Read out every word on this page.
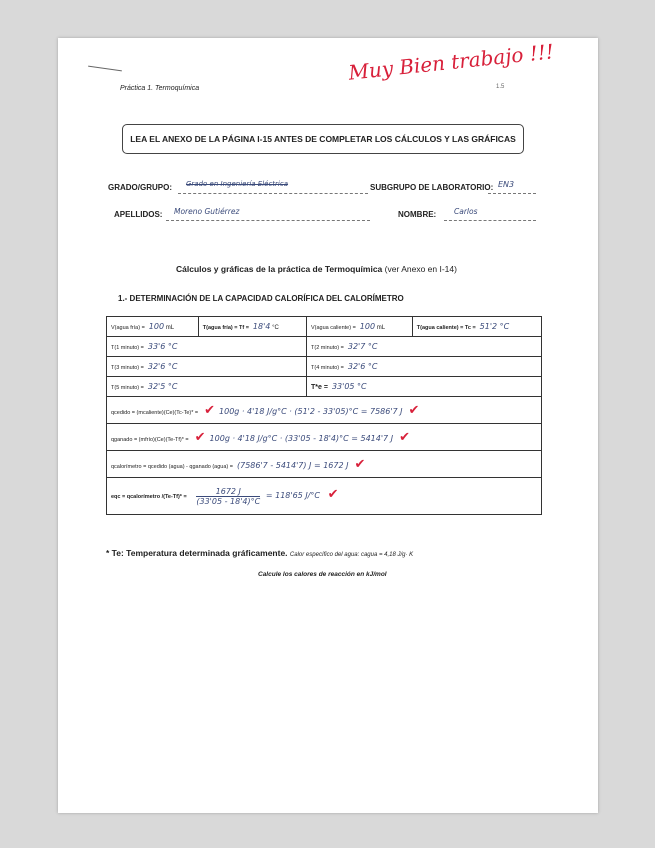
Práctica 1. Termoquímica
Muy Bien trabajo !!!
1.5
LEA EL ANEXO DE LA PÁGINA I-15 ANTES DE COMPLETAR LOS CÁLCULOS Y LAS GRÁFICAS
GRADO/GRUPO: Grado en Ingeniería Eléctrica	SUBGRUPO DE LABORATORIO: EN3
APELLIDOS: Moreno Gutiérrez	NOMBRE: Carlos
Cálculos y gráficas de la práctica de Termoquímica (ver Anexo en I-14)
1.- DETERMINACIÓN DE LA CAPACIDAD CALORÍFICA DEL CALORÍMETRO
V(agua fría) = 100 mL	T(agua fría) = Tf = 18'4 °C	V(agua caliente) = 100 mL	T(agua caliente) = Tc = 51'2 °C
T(1 minuto) = 33'6 °C		T(2 minuto) = 32'7 °C	
T(3 minuto) = 32'6 °C		T(4 minuto) = 32'6 °C	
T(5 minuto) = 32'5 °C		T*e = 33'05 °C	
qcedido = (mcaliente)(Ce)(Tc-Te)* = ✔ 100g · 4'18 J/g°C · (51'2 - 33'05)°C = 7586'7 J ✔			
qganado = (mfrío)(Ce)(Te-Tf)* = ✔ 100g · 4'18 J/g°C · (33'05 - 18'4)°C = 5414'7 J ✔			
qcalorímetro = qcedido (agua) - qganado (agua) = (7586'7 - 5414'7) J = 1672 J ✔			
eqc = qcalorímetro $/(Te-Tf)* = \frac{1672 J}{(33'05 - 18'4)^\circ C} = 118'65$ J/°C ✔			
* Te: Temperatura determinada gráficamente. Calor específico del agua: cagua = 4,18 J/g· K
Calcule los calores de reacción en kJ/mol
